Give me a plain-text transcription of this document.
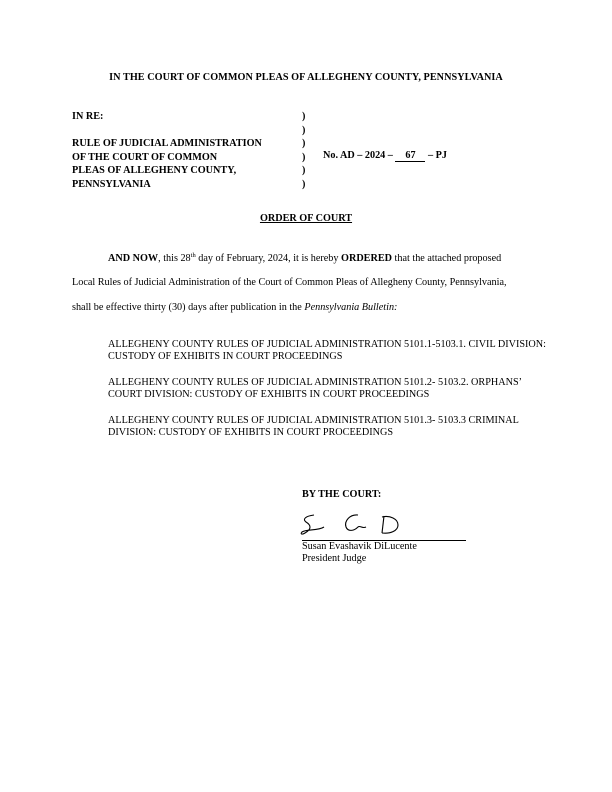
IN THE COURT OF COMMON PLEAS OF ALLEGHENY COUNTY, PENNSYLVANIA
IN RE:

RULE OF JUDICIAL ADMINISTRATION
OF THE COURT OF COMMON
PLEAS OF ALLEGHENY COUNTY,
PENNSYLVANIA
)
)
)
)
)
)
No. AD – 2024 – 67 – PJ
ORDER OF COURT
AND NOW, this 28th day of February, 2024, it is hereby ORDERED that the attached proposed
Local Rules of Judicial Administration of the Court of Common Pleas of Allegheny County, Pennsylvania,
shall be effective thirty (30) days after publication in the Pennsylvania Bulletin:
ALLEGHENY COUNTY RULES OF JUDICIAL ADMINISTRATION 5101.1-5103.1. CIVIL DIVISION: CUSTODY OF EXHIBITS IN COURT PROCEEDINGS
ALLEGHENY COUNTY RULES OF JUDICIAL ADMINISTRATION 5101.2- 5103.2. ORPHANS’ COURT DIVISION: CUSTODY OF EXHIBITS IN COURT PROCEEDINGS
ALLEGHENY COUNTY RULES OF JUDICIAL ADMINISTRATION 5101.3- 5103.3 CRIMINAL DIVISION: CUSTODY OF EXHIBITS IN COURT PROCEEDINGS
BY THE COURT:
Susan Evashavik DiLucente
President Judge
